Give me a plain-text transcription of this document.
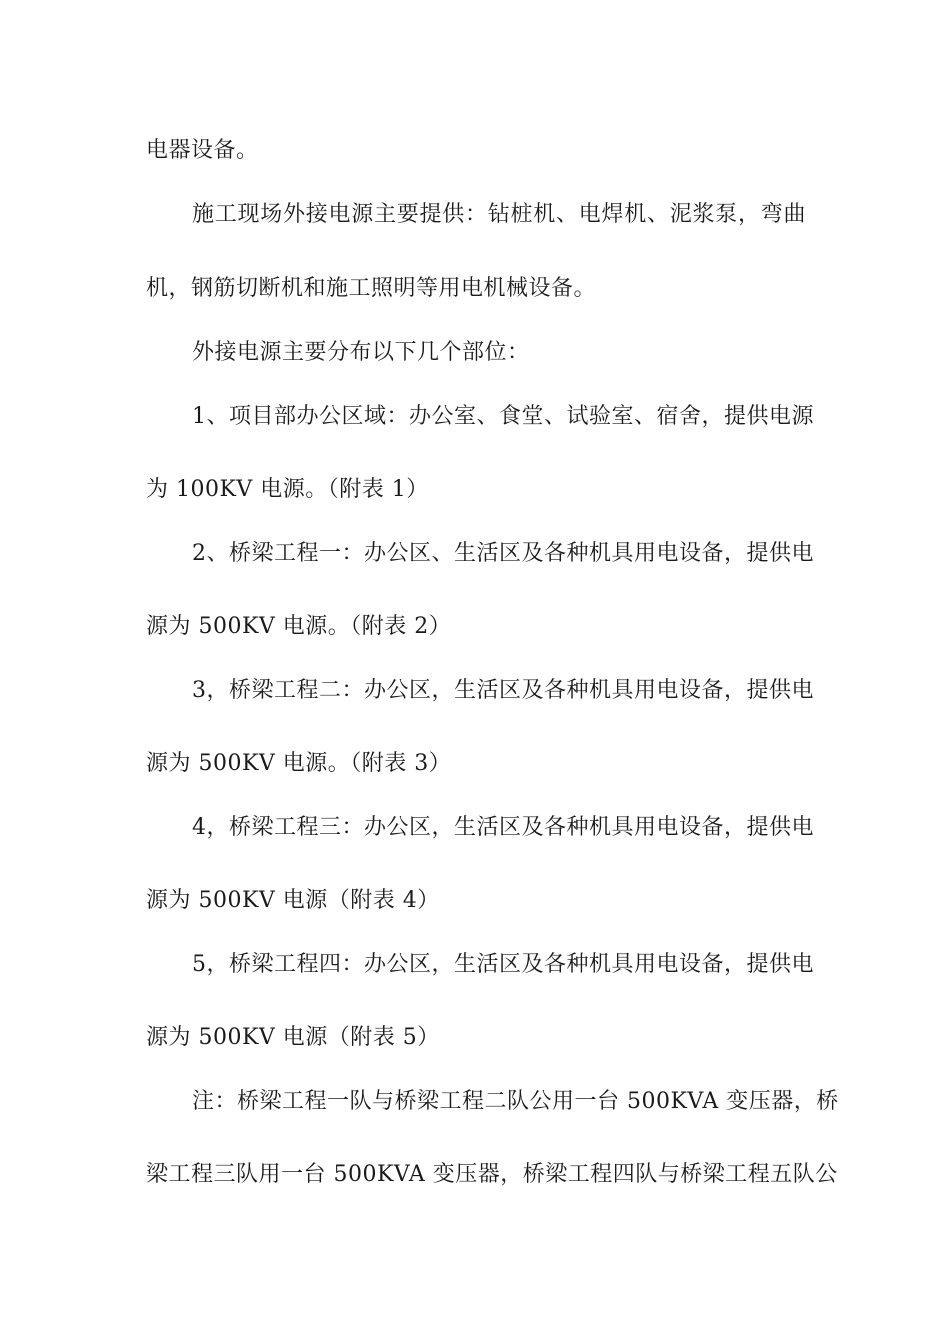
电器设备。
施工现场外接电源主要提供：钻桩机、电焊机、泥浆泵，弯曲
机，钢筋切断机和施工照明等用电机械设备。
外接电源主要分布以下几个部位：
1、项目部办公区域：办公室、食堂、试验室、宿舍，提供电源
为 100KV 电源。（附表 1）
2、桥梁工程一：办公区、生活区及各种机具用电设备，提供电
源为 500KV 电源。（附表 2）
3，桥梁工程二：办公区，生活区及各种机具用电设备，提供电
源为 500KV 电源。（附表 3）
4，桥梁工程三：办公区，生活区及各种机具用电设备，提供电
源为 500KV 电源（附表 4）
5，桥梁工程四：办公区，生活区及各种机具用电设备，提供电
源为 500KV 电源（附表 5）
注：桥梁工程一队与桥梁工程二队公用一台 500KVA 变压器，桥
梁工程三队用一台 500KVA 变压器，桥梁工程四队与桥梁工程五队公
